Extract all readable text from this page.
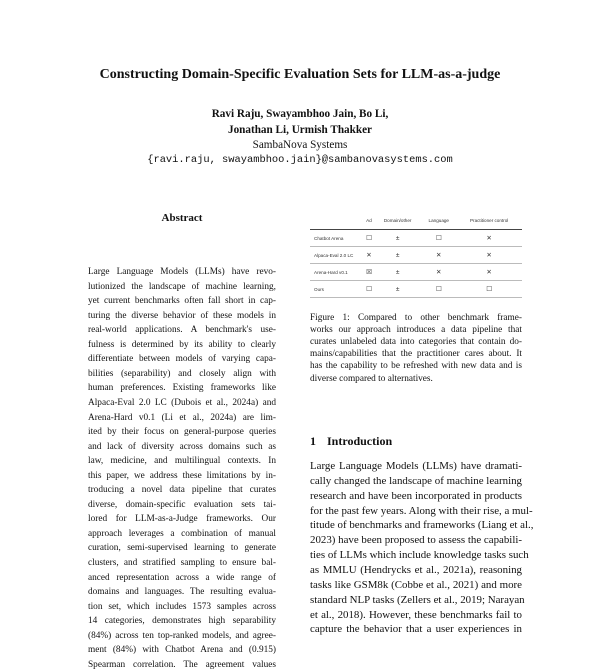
Constructing Domain-Specific Evaluation Sets for LLM-as-a-judge
Ravi Raju, Swayambhoo Jain, Bo Li,
Jonathan Li, Urmish Thakker
SambaNova Systems
{ravi.raju, swayambhoo.jain}@sambanovasystems.com
Abstract
Large Language Models (LLMs) have revo-
lutionized the landscape of machine learning,
yet current benchmarks often fall short in cap-
turing the diverse behavior of these models in
real-world applications. A benchmark's use-
fulness is determined by its ability to clearly
differentiate between models of varying capa-
bilities (separability) and closely align with
human preferences. Existing frameworks like
Alpaca-Eval 2.0 LC (Dubois et al., 2024a) and
Arena-Hard v0.1 (Li et al., 2024a) are lim-
ited by their focus on general-purpose queries
and lack of diversity across domains such as
law, medicine, and multilingual contexts. In
this paper, we address these limitations by in-
troducing a novel data pipeline that curates
diverse, domain-specific evaluation sets tai-
lored for LLM-as-a-Judge frameworks. Our
approach leverages a combination of manual
curation, semi-supervised learning to generate
clusters, and stratified sampling to ensure bal-
anced representation across a wide range of
domains and languages. The resulting evalua-
tion set, which includes 1573 samples across
14 categories, demonstrates high separability
(84%) across ten top-ranked models, and agree-
ment (84%) with Chatbot Arena and (0.915)
Spearman correlation. The agreement values
	Ad	Domain/other	Language	Practitioner control
Chatbot Arena	☐	±	☐	✕
Alpaca-Eval 2.0 LC	✕	±	✕	✕
Arena-Hard v0.1	☒	±	✕	✕
Ours	☐	±	☐	☐
Figure 1: Compared to other benchmark frame-
works our approach introduces a data pipeline that
curates unlabeled data into categories that contain do-
mains/capabilities that the practitioner cares about. It
has the capability to be refreshed with new data and is
diverse compared to alternatives.
1 Introduction
Large Language Models (LLMs) have dramati-
cally changed the landscape of machine learning
research and have been incorporated in products
for the past few years. Along with their rise, a mul-
titude of benchmarks and frameworks (Liang et al.,
2023) have been proposed to assess the capabili-
ties of LLMs which include knowledge tasks such
as MMLU (Hendrycks et al., 2021a), reasoning
tasks like GSM8k (Cobbe et al., 2021) and more
standard NLP tasks (Zellers et al., 2019; Narayan
et al., 2018). However, these benchmarks fail to
capture the behavior that a user experiences in
